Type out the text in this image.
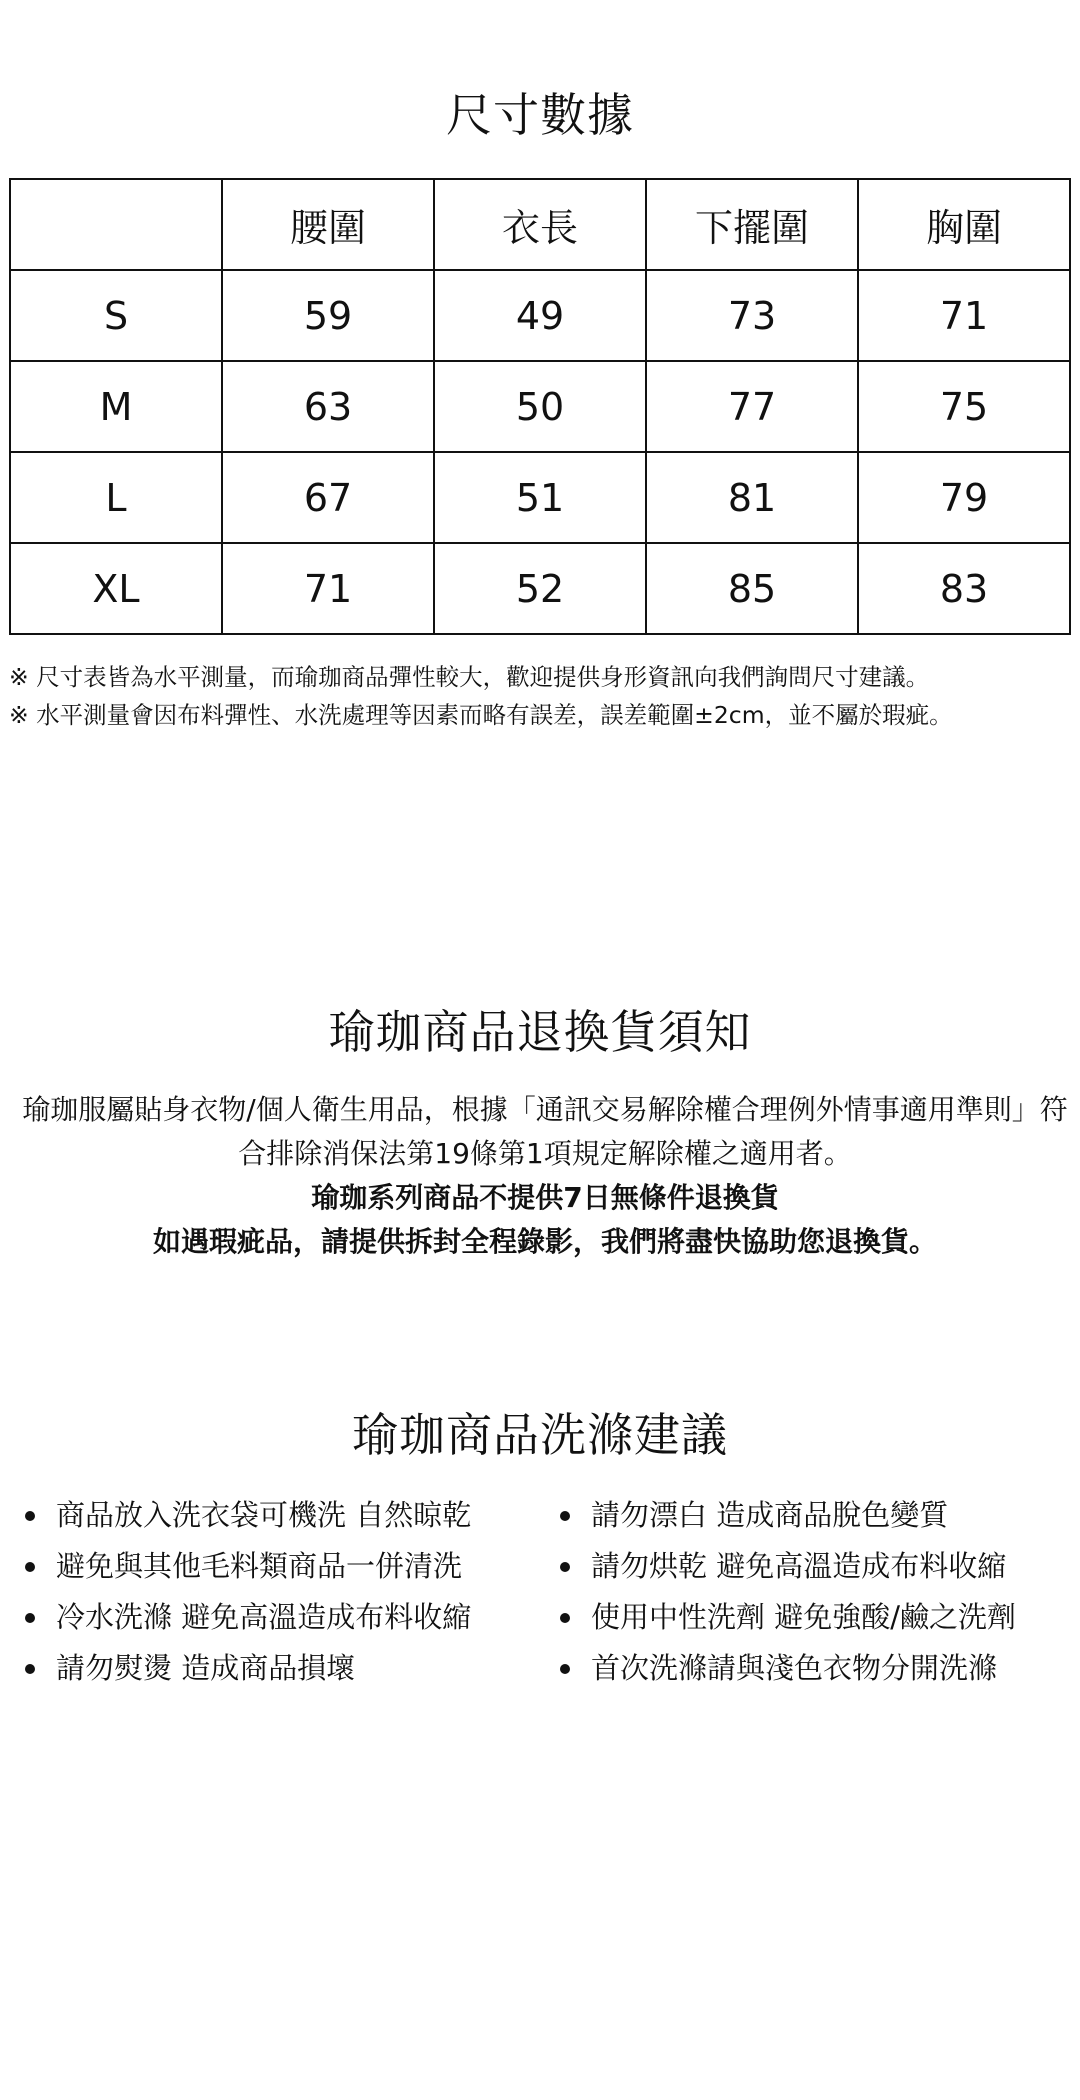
尺寸數據
	腰圍	衣長	下擺圍	胸圍
S	59	49	73	71
M	63	50	77	75
L	67	51	81	79
XL	71	52	85	83

※ 尺寸表皆為水平測量，而瑜珈商品彈性較大，歡迎提供身形資訊向我們詢問尺寸建議。

※ 水平測量會因布料彈性、水洗處理等因素而略有誤差，誤差範圍±2cm，並不屬於瑕疵。

瑜珈商品退換貨須知

瑜珈服屬貼身衣物/個人衛生用品，根據「通訊交易解除權合理例外情事適用準則」符合排除消保法第19條第1項規定解除權之適用者。

瑜珈系列商品不提供7日無條件退換貨

如遇瑕疵品，請提供拆封全程錄影，我們將盡快協助您退換貨。

瑜珈商品洗滌建議
商品放入洗衣袋可機洗 自然晾乾	請勿漂白 造成商品脫色變質
避免與其他毛料類商品一併清洗	請勿烘乾 避免高溫造成布料收縮
冷水洗滌 避免高溫造成布料收縮	使用中性洗劑 避免強酸/鹼之洗劑
請勿熨燙 造成商品損壞	首次洗滌請與淺色衣物分開洗滌
